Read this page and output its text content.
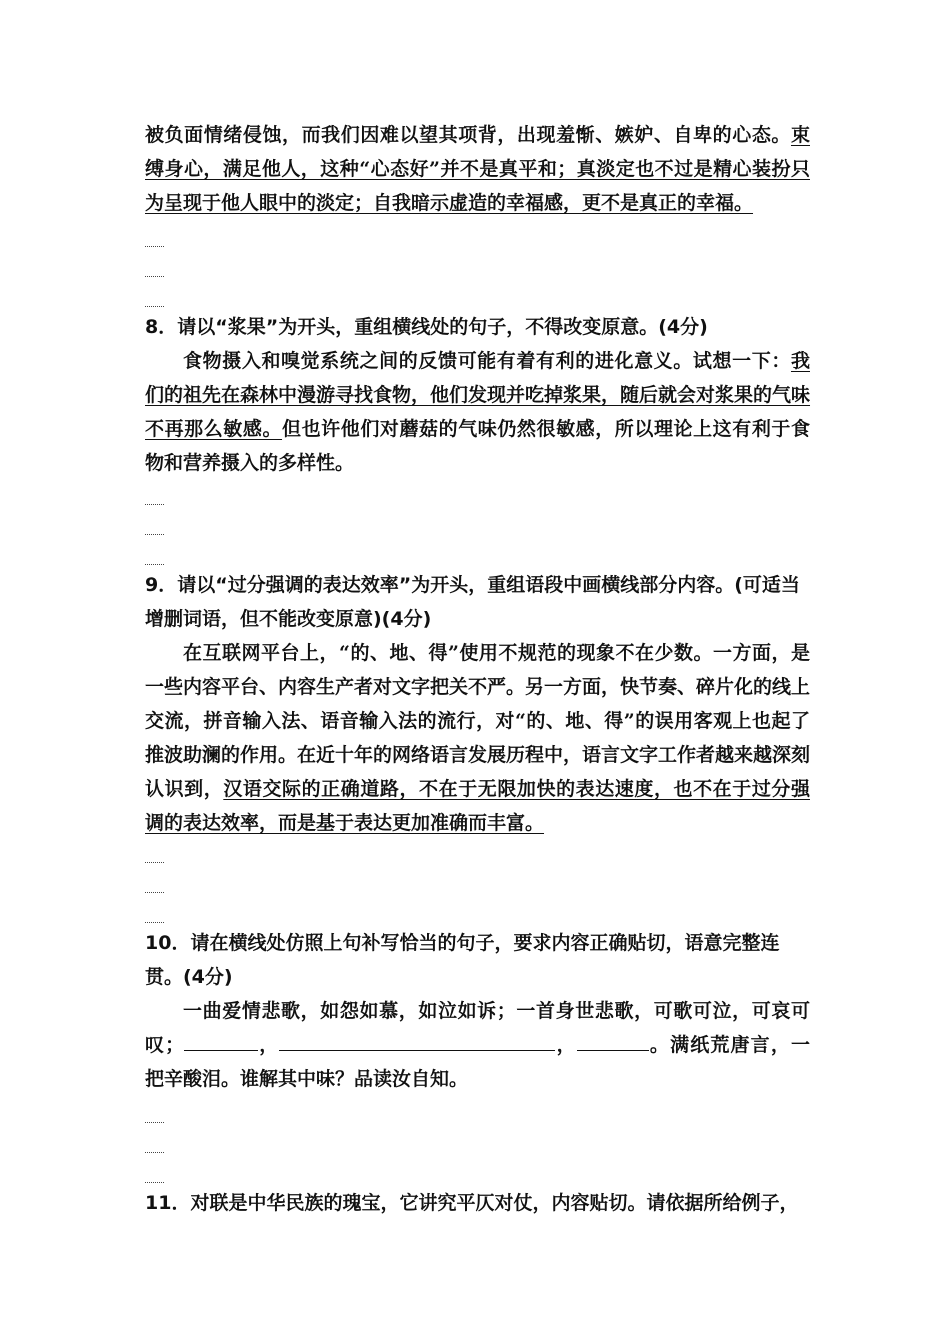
被负面情绪侵蚀，而我们因难以望其项背，出现羞惭、嫉妒、自卑的心态。束缚身心，满足他人，这种“心态好”并不是真平和；真淡定也不过是精心装扮只为呈现于他人眼中的淡定；自我暗示虚造的幸福感，更不是真正的幸福。

8．请以“浆果”为开头，重组横线处的句子，不得改变原意。(4分)

食物摄入和嗅觉系统之间的反馈可能有着有利的进化意义。试想一下：我们的祖先在森林中漫游寻找食物，他们发现并吃掉浆果，随后就会对浆果的气味不再那么敏感。但也许他们对蘑菇的气味仍然很敏感，所以理论上这有利于食物和营养摄入的多样性。

9．请以“过分强调的表达效率”为开头，重组语段中画横线部分内容。(可适当增删词语，但不能改变原意)(4分)

在互联网平台上，“的、地、得”使用不规范的现象不在少数。一方面，是一些内容平台、内容生产者对文字把关不严。另一方面，快节奏、碎片化的线上交流，拼音输入法、语音输入法的流行，对“的、地、得”的误用客观上也起了推波助澜的作用。在近十年的网络语言发展历程中，语言文字工作者越来越深刻认识到，汉语交际的正确道路，不在于无限加快的表达速度，也不在于过分强调的表达效率，而是基于表达更加准确而丰富。

10．请在横线处仿照上句补写恰当的句子，要求内容正确贴切，语意完整连贯。(4分)

一曲爱情悲歌，如怨如慕，如泣如诉；一首身世悲歌，可歌可泣，可哀可叹；	，	，	。满纸荒唐言，一把辛酸泪。谁解其中味？品读汝自知。

11．对联是中华民族的瑰宝，它讲究平仄对仗，内容贴切。请依据所给例子，
